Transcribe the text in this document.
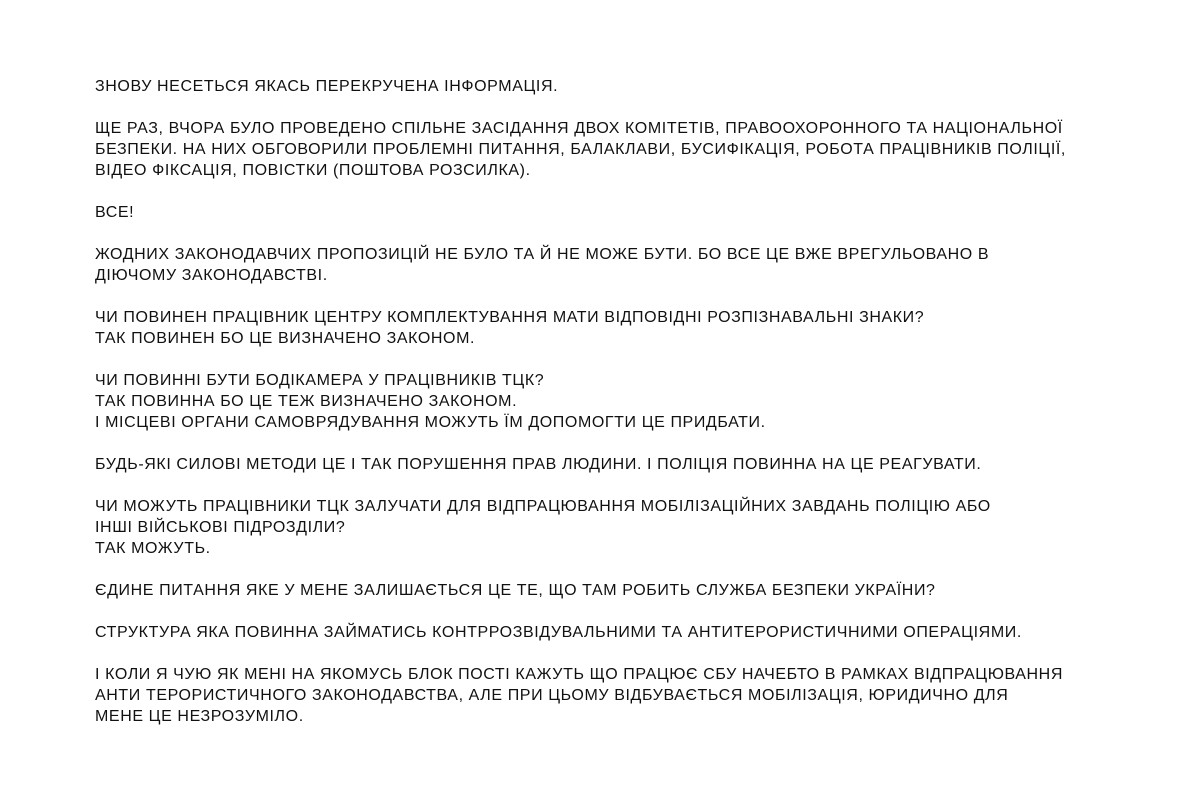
ЗНОВУ НЕСЕТЬСЯ ЯКАСЬ ПЕРЕКРУЧЕНА ІНФОРМАЦІЯ.

ЩЕ РАЗ, ВЧОРА БУЛО ПРОВЕДЕНО СПІЛЬНЕ ЗАСІДАННЯ ДВОХ КОМІТЕТІВ, ПРАВООХОРОННОГО ТА НАЦІОНАЛЬНОЇ
БЕЗПЕКИ. НА НИХ ОБГОВОРИЛИ ПРОБЛЕМНІ ПИТАННЯ, БАЛАКЛАВИ, БУСИФІКАЦІЯ, РОБОТА ПРАЦІВНИКІВ ПОЛІЦІЇ,
ВІДЕО ФІКСАЦІЯ, ПОВІСТКИ (ПОШТОВА РОЗСИЛКА).

ВСЕ!

ЖОДНИХ ЗАКОНОДАВЧИХ ПРОПОЗИЦІЙ НЕ БУЛО ТА Й НЕ МОЖЕ БУТИ. БО ВСЕ ЦЕ ВЖЕ ВРЕГУЛЬОВАНО В
ДІЮЧОМУ ЗАКОНОДАВСТВІ.

ЧИ ПОВИНЕН ПРАЦІВНИК ЦЕНТРУ КОМПЛЕКТУВАННЯ МАТИ ВІДПОВІДНІ РОЗПІЗНАВАЛЬНІ ЗНАКИ?
ТАК ПОВИНЕН БО ЦЕ ВИЗНАЧЕНО ЗАКОНОМ.

ЧИ ПОВИННІ БУТИ БОДІКАМЕРА У ПРАЦІВНИКІВ ТЦК?
ТАК ПОВИННА БО ЦЕ ТЕЖ ВИЗНАЧЕНО ЗАКОНОМ.
І МІСЦЕВІ ОРГАНИ САМОВРЯДУВАННЯ МОЖУТЬ ЇМ ДОПОМОГТИ ЦЕ ПРИДБАТИ.

БУДЬ-ЯКІ СИЛОВІ МЕТОДИ ЦЕ І ТАК ПОРУШЕННЯ ПРАВ ЛЮДИНИ. І ПОЛІЦІЯ ПОВИННА НА ЦЕ РЕАГУВАТИ.

ЧИ МОЖУТЬ ПРАЦІВНИКИ ТЦК ЗАЛУЧАТИ ДЛЯ ВІДПРАЦЮВАННЯ МОБІЛІЗАЦІЙНИХ ЗАВДАНЬ ПОЛІЦІЮ АБО
ІНШІ ВІЙСЬКОВІ ПІДРОЗДІЛИ?
ТАК МОЖУТЬ.

ЄДИНЕ ПИТАННЯ ЯКЕ У МЕНЕ ЗАЛИШАЄТЬСЯ ЦЕ ТЕ, ЩО ТАМ РОБИТЬ СЛУЖБА БЕЗПЕКИ УКРАЇНИ?

СТРУКТУРА ЯКА ПОВИННА ЗАЙМАТИСЬ КОНТРРОЗВІДУВАЛЬНИМИ ТА АНТИТЕРОРИСТИЧНИМИ ОПЕРАЦІЯМИ.

І КОЛИ Я ЧУЮ ЯК МЕНІ НА ЯКОМУСЬ БЛОК ПОСТІ КАЖУТЬ ЩО ПРАЦЮЄ СБУ НАЧЕБТО В РАМКАХ ВІДПРАЦЮВАННЯ
АНТИ ТЕРОРИСТИЧНОГО ЗАКОНОДАВСТВА, АЛЕ ПРИ ЦЬОМУ ВІДБУВАЄТЬСЯ МОБІЛІЗАЦІЯ, ЮРИДИЧНО ДЛЯ
МЕНЕ ЦЕ НЕЗРОЗУМІЛО.
